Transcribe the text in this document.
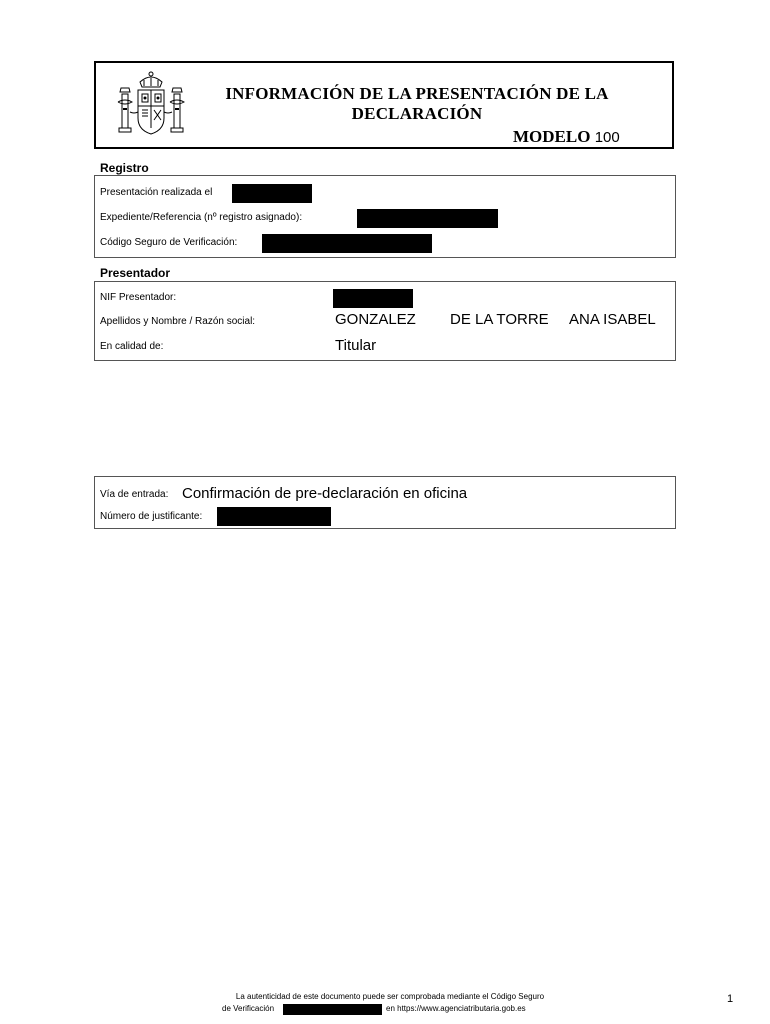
INFORMACIÓN DE LA PRESENTACIÓN DE LA
DECLARACIÓN
MODELO 100
Registro
Presentación realizada el
Expediente/Referencia (nº registro asignado):
Código Seguro de Verificación:
Presentador
NIF Presentador:
Apellidos y Nombre / Razón social:	GONZALEZ DE LA TORRE ANA ISABEL
En calidad de:	Titular
Vía de entrada: Confirmación de pre-declaración en oficina
Número de justificante:
La autenticidad de este documento puede ser comprobada mediante el Código Seguro
de Verificación	en https://www.agenciatributaria.gob.es
1
